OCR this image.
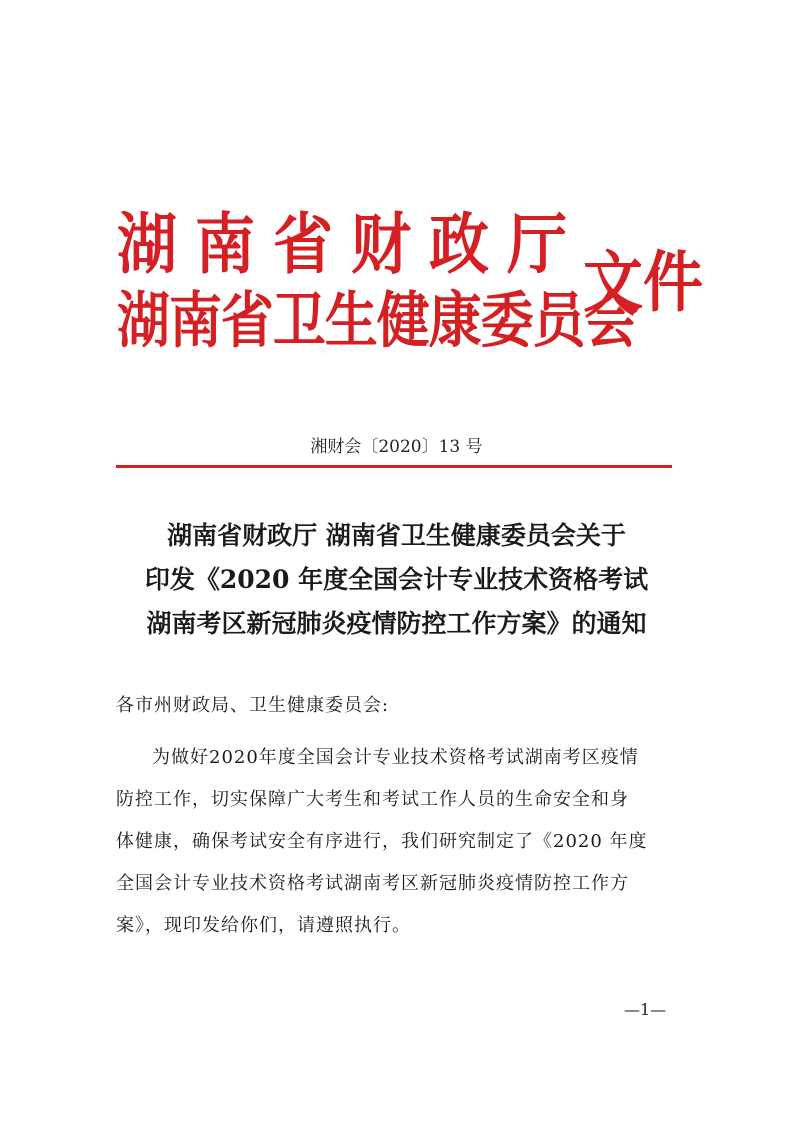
湖南省财政厅
湖南省卫生健康委员会
文件
湘财会〔2020〕13 号
湖南省财政厅 湖南省卫生健康委员会关于
印发《2020 年度全国会计专业技术资格考试
湖南考区新冠肺炎疫情防控工作方案》的通知
各市州财政局、卫生健康委员会:
为做好2020年度全国会计专业技术资格考试湖南考区疫情
防控工作，切实保障广大考生和考试工作人员的生命安全和身
体健康，确保考试安全有序进行，我们研究制定了《2020 年度
全国会计专业技术资格考试湖南考区新冠肺炎疫情防控工作方
案》，现印发给你们，请遵照执行。
—1—
